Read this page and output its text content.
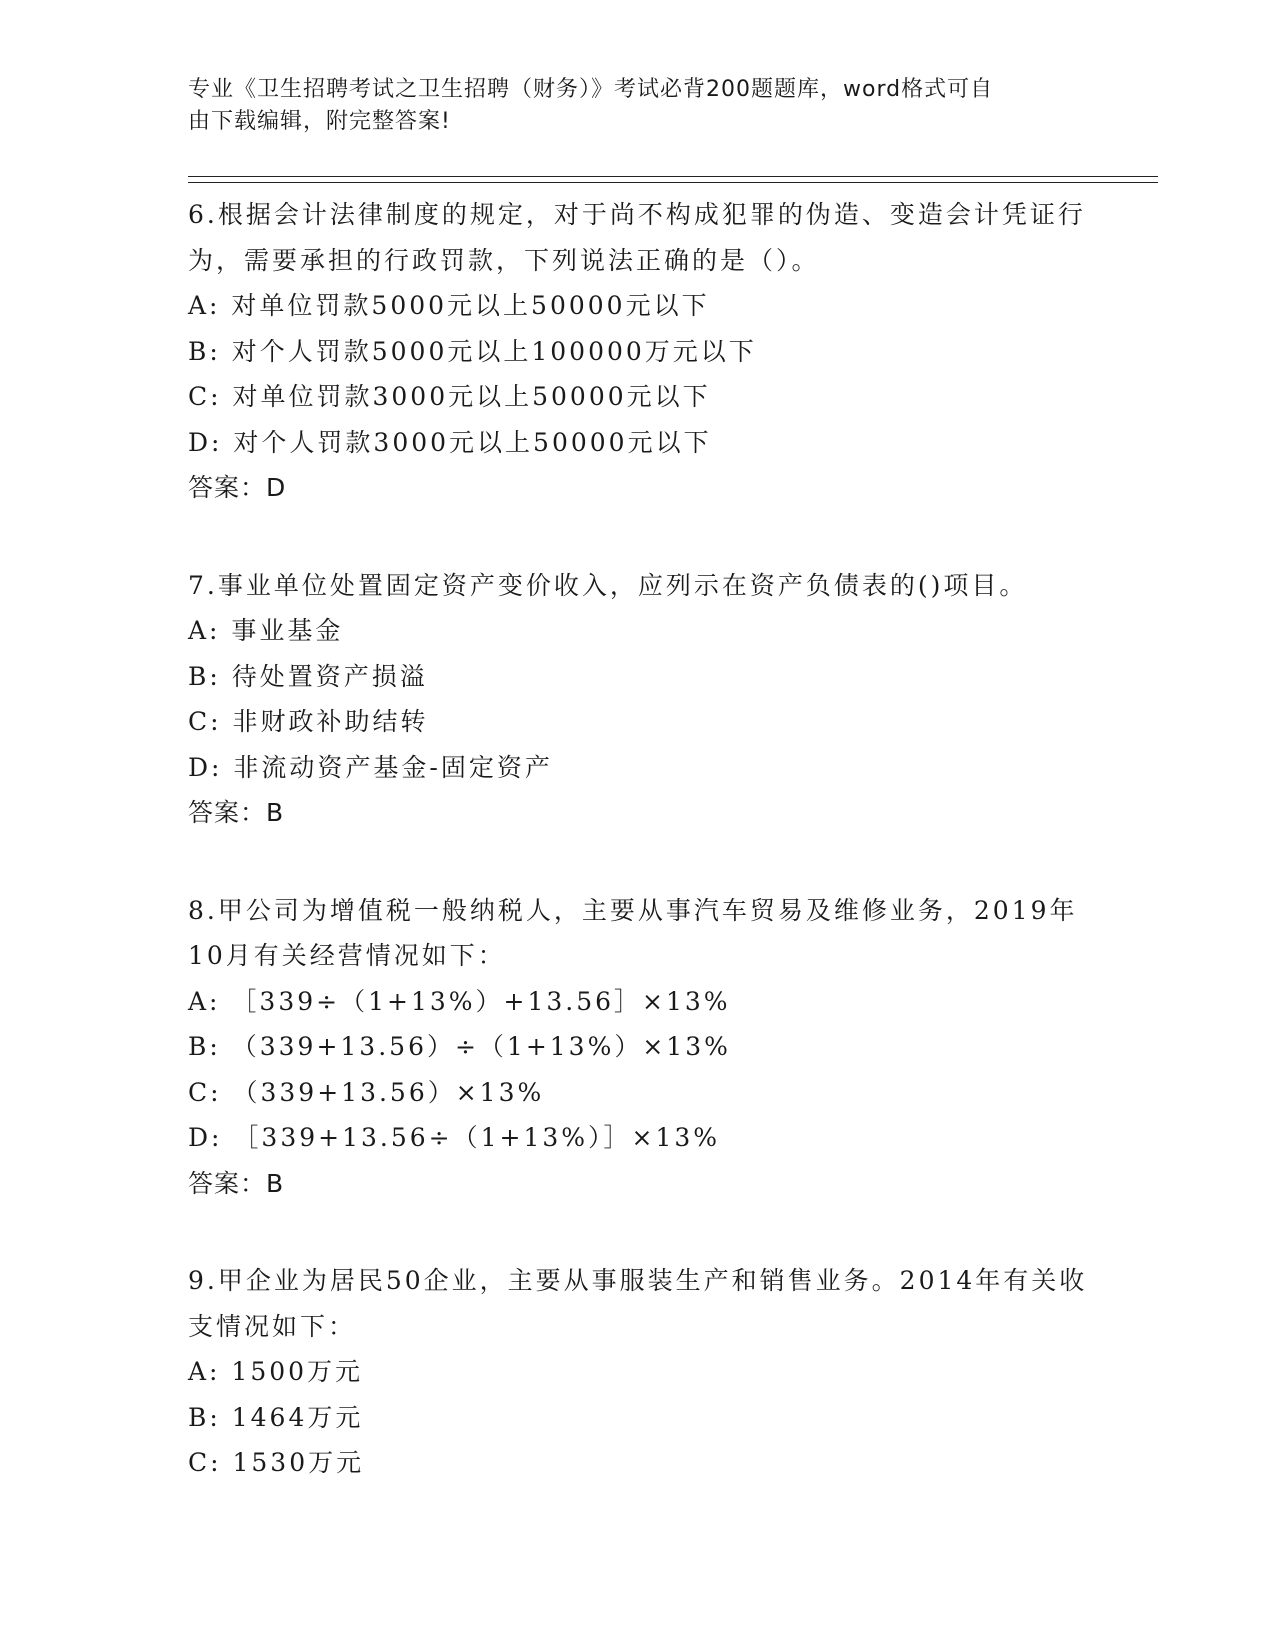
专业《卫生招聘考试之卫生招聘（财务）》考试必背200题题库，word格式可自
由下载编辑，附完整答案!

6.根据会计法律制度的规定，对于尚不构成犯罪的伪造、变造会计凭证行为，需要承担的行政罚款，下列说法正确的是（）。

A: 对单位罚款5000元以上50000元以下

B: 对个人罚款5000元以上100000万元以下

C: 对单位罚款3000元以上50000元以下

D: 对个人罚款3000元以上50000元以下

答案：D

7.事业单位处置固定资产变价收入，应列示在资产负债表的()项目。

A: 事业基金

B: 待处置资产损溢

C: 非财政补助结转

D: 非流动资产基金-固定资产

答案：B

8.甲公司为增值税一般纳税人，主要从事汽车贸易及维修业务，2019年10月有关经营情况如下：

A: ［339÷（1+13%）+13.56］×13%

B: （339+13.56）÷（1+13%）×13%

C: （339+13.56）×13%

D: ［339+13.56÷（1+13%）］×13%

答案：B

9.甲企业为居民50企业，主要从事服装生产和销售业务。2014年有关收支情况如下：

A: 1500万元

B: 1464万元

C: 1530万元
